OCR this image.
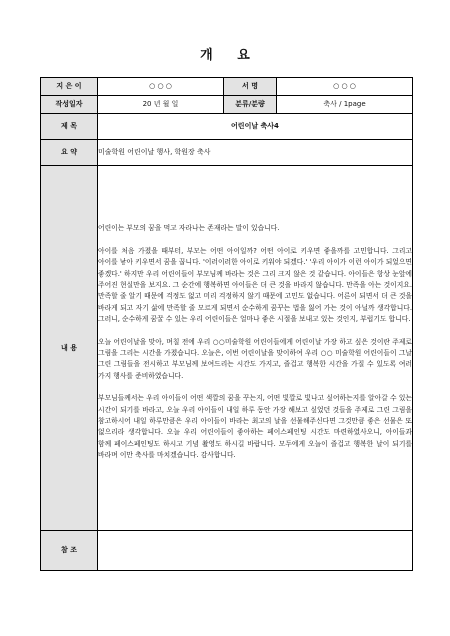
개 요
지 은 이	○ ○ ○	서 명	○ ○ ○
작성일자	20 년 월 일	분류/분량	축사 / 1page
제 목	어린이날 축사4		
요 약	미술학원 어린이날 행사, 학원장 축사		
내 용	어린이는 부모의 꿈을 먹고 자라나는 존재라는 말이 있습니다.

아이를 처음 가졌을 때부터, 부모는 어떤 아이일까? 어떤 아이로 키우면 좋을까를 고민합니다. 그리고 아이를 낳아 키우면서 꿈을 꿉니다. '이러이러한 아이로 키워야 되겠다.' '우리 아이가 이런 아이가 되었으면 좋겠다.' 하지만 우리 어린이들이 부모님께 바라는 것은 그리 크지 않은 것 같습니다. 아이들은 항상 눈앞에 주어진 현실만을 보지요. 그 순간에 행복하면 아이들은 더 큰 것을 바라지 않습니다. 만족을 아는 것이지요. 만족할 줄 알기 때문에 걱정도 없고 미리 걱정하지 않기 때문에 고민도 없습니다. 어른이 되면서 더 큰 것을 바라게 되고 자기 삶에 만족할 줄 모르게 되면서 순수하게 꿈꾸는 법을 잃어 가는 것이 아닐까 생각합니다. 그러니, 순수하게 꿈꿀 수 있는 우리 어린이들은 얼마나 좋은 시절을 보내고 있는 것인지, 부럽기도 합니다.

오늘 어린이날을 맞아, 며칠 전에 우리 ○○미술학원 어린이들에게 어린이날 가장 하고 싶은 것이란 주제로 그림을 그리는 시간을 가졌습니다. 오늘은, 이번 어린이날을 맞이하여 우리 ○○ 미술학원 어린이들이 그날 그린 그림들을 전시하고 부모님께 보여드리는 시간도 가지고, 즐겁고 행복한 시간을 가질 수 있도록 여러 가지 행사를 준비하였습니다.

부모님들께서는 우리 아이들이 어떤 색깔의 꿈을 꾸는지, 어떤 빛깔로 빛나고 싶어하는지를 알아갈 수 있는 시간이 되기를 바라고, 오늘 우리 아이들이 내일 하루 동안 가장 해보고 싶었던 것들을 주제로 그린 그림을 참고하시어 내일 하루만큼은 우리 아이들이 바라는 최고의 날을 선물해주신다면 그것만큼 좋은 선물은 또 없으리라 생각합니다. 오늘 우리 어린이들이 좋아하는 페이스페인팅 시간도 마련하였사오니, 아이들과 함께 페이스페인팅도 하시고 기념 촬영도 하시길 바랍니다. 모두에게 오늘이 즐겁고 행복한 날이 되기를 바라며 이만 축사를 마치겠습니다. 감사합니다.		

참 조			
